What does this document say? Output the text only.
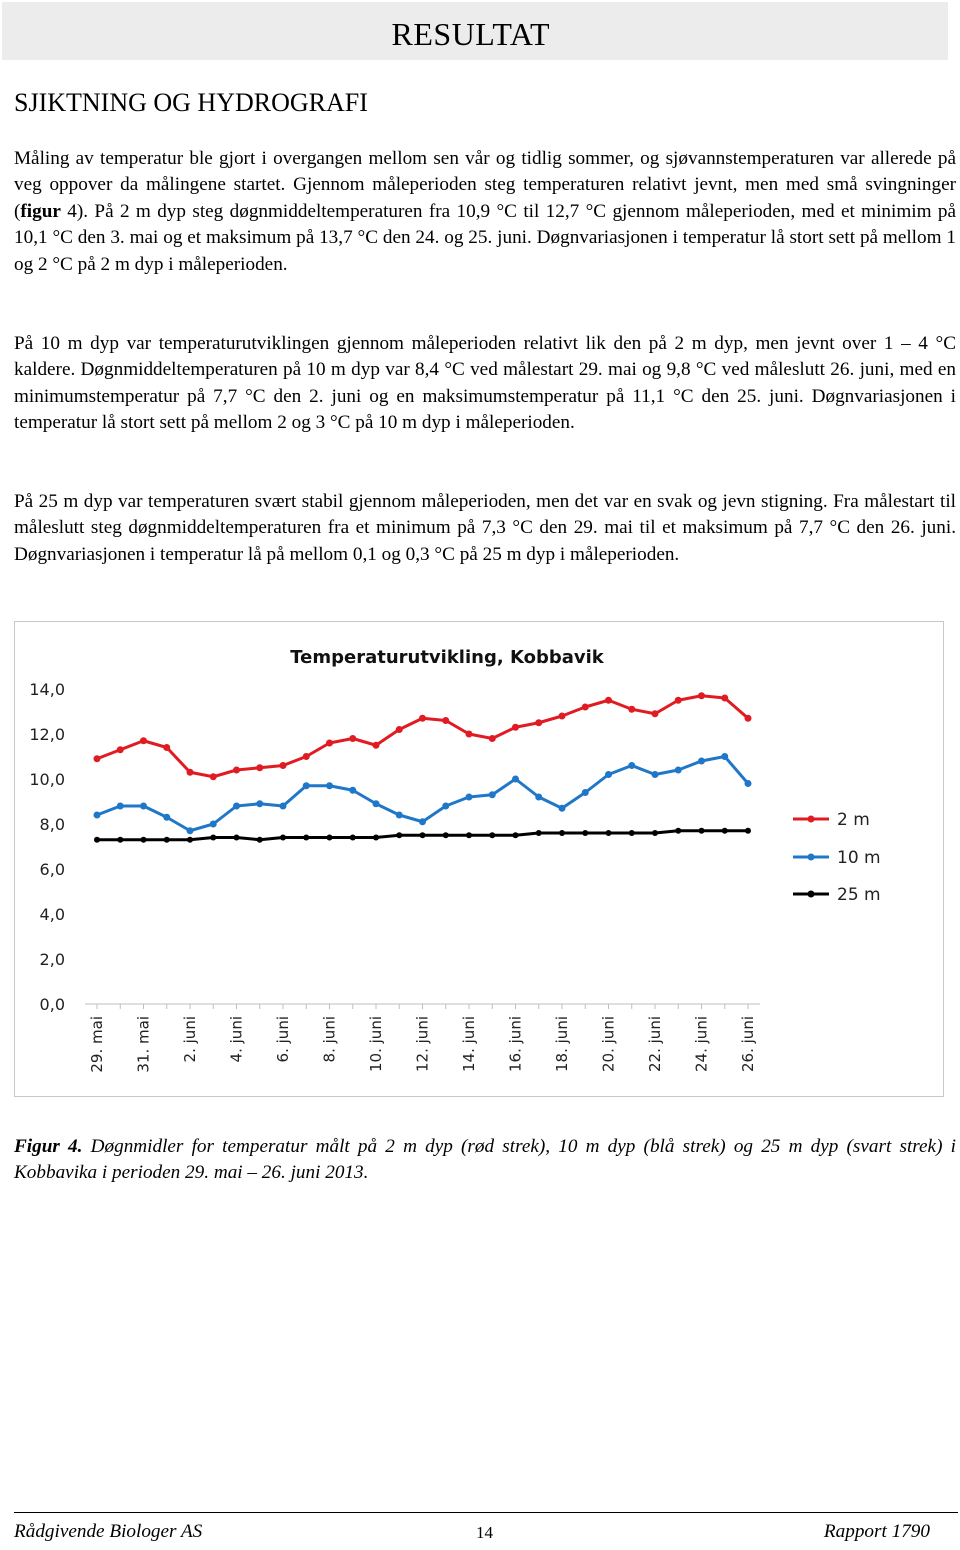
RESULTAT
SJIKTNING OG HYDROGRAFI

Måling av temperatur ble gjort i overgangen mellom sen vår og tidlig sommer, og sjøvannstemperaturen var allerede på veg oppover da målingene startet. Gjennom måleperioden steg temperaturen relativt jevnt, men med små svingninger (figur 4). På 2 m dyp steg døgnmiddeltemperaturen fra 10,9 °C til 12,7 °C gjennom måleperioden, med et minimim på 10,1 °C den 3. mai og et maksimum på 13,7 °C den 24. og 25. juni. Døgnvariasjonen i temperatur lå stort sett på mellom 1 og 2 °C på 2 m dyp i måleperioden.

På 10 m dyp var temperaturutviklingen gjennom måleperioden relativt lik den på 2 m dyp, men jevnt over 1 – 4 °C kaldere. Døgnmiddeltemperaturen på 10 m dyp var 8,4 °C ved målestart 29. mai og 9,8 °C ved måleslutt 26. juni, med en minimumstemperatur på 7,7 °C den 2. juni og en maksimumstemperatur på 11,1 °C den 25. juni. Døgnvariasjonen i temperatur lå stort sett på mellom 2 og 3 °C på 10 m dyp i måleperioden.

På 25 m dyp var temperaturen svært stabil gjennom måleperioden, men det var en svak og jevn stigning. Fra målestart til måleslutt steg døgnmiddeltemperaturen fra et minimum på 7,3 °C den 29. mai til et maksimum på 7,7 °C den 26. juni. Døgnvariasjonen i temperatur lå på mellom 0,1 og 0,3 °C på 25 m dyp i måleperioden.

Temperaturutvikling, Kobbavik
0,0
2,0
4,0
6,0
8,0
10,0
12,0
14,0
29. mai 31. mai 2. juni 4. juni 6. juni 8. juni 10. juni 12. juni 14. juni 16. juni 18. juni 20. juni 22. juni 24. juni 26. juni
2 m
10 m
25 m

Figur 4. Døgnmidler for temperatur målt på 2 m dyp (rød strek), 10 m dyp (blå strek) og 25 m dyp (svart strek) i Kobbavika i perioden 29. mai – 26. juni 2013.

Rådgivende Biologer AS	14	Rapport 1790
